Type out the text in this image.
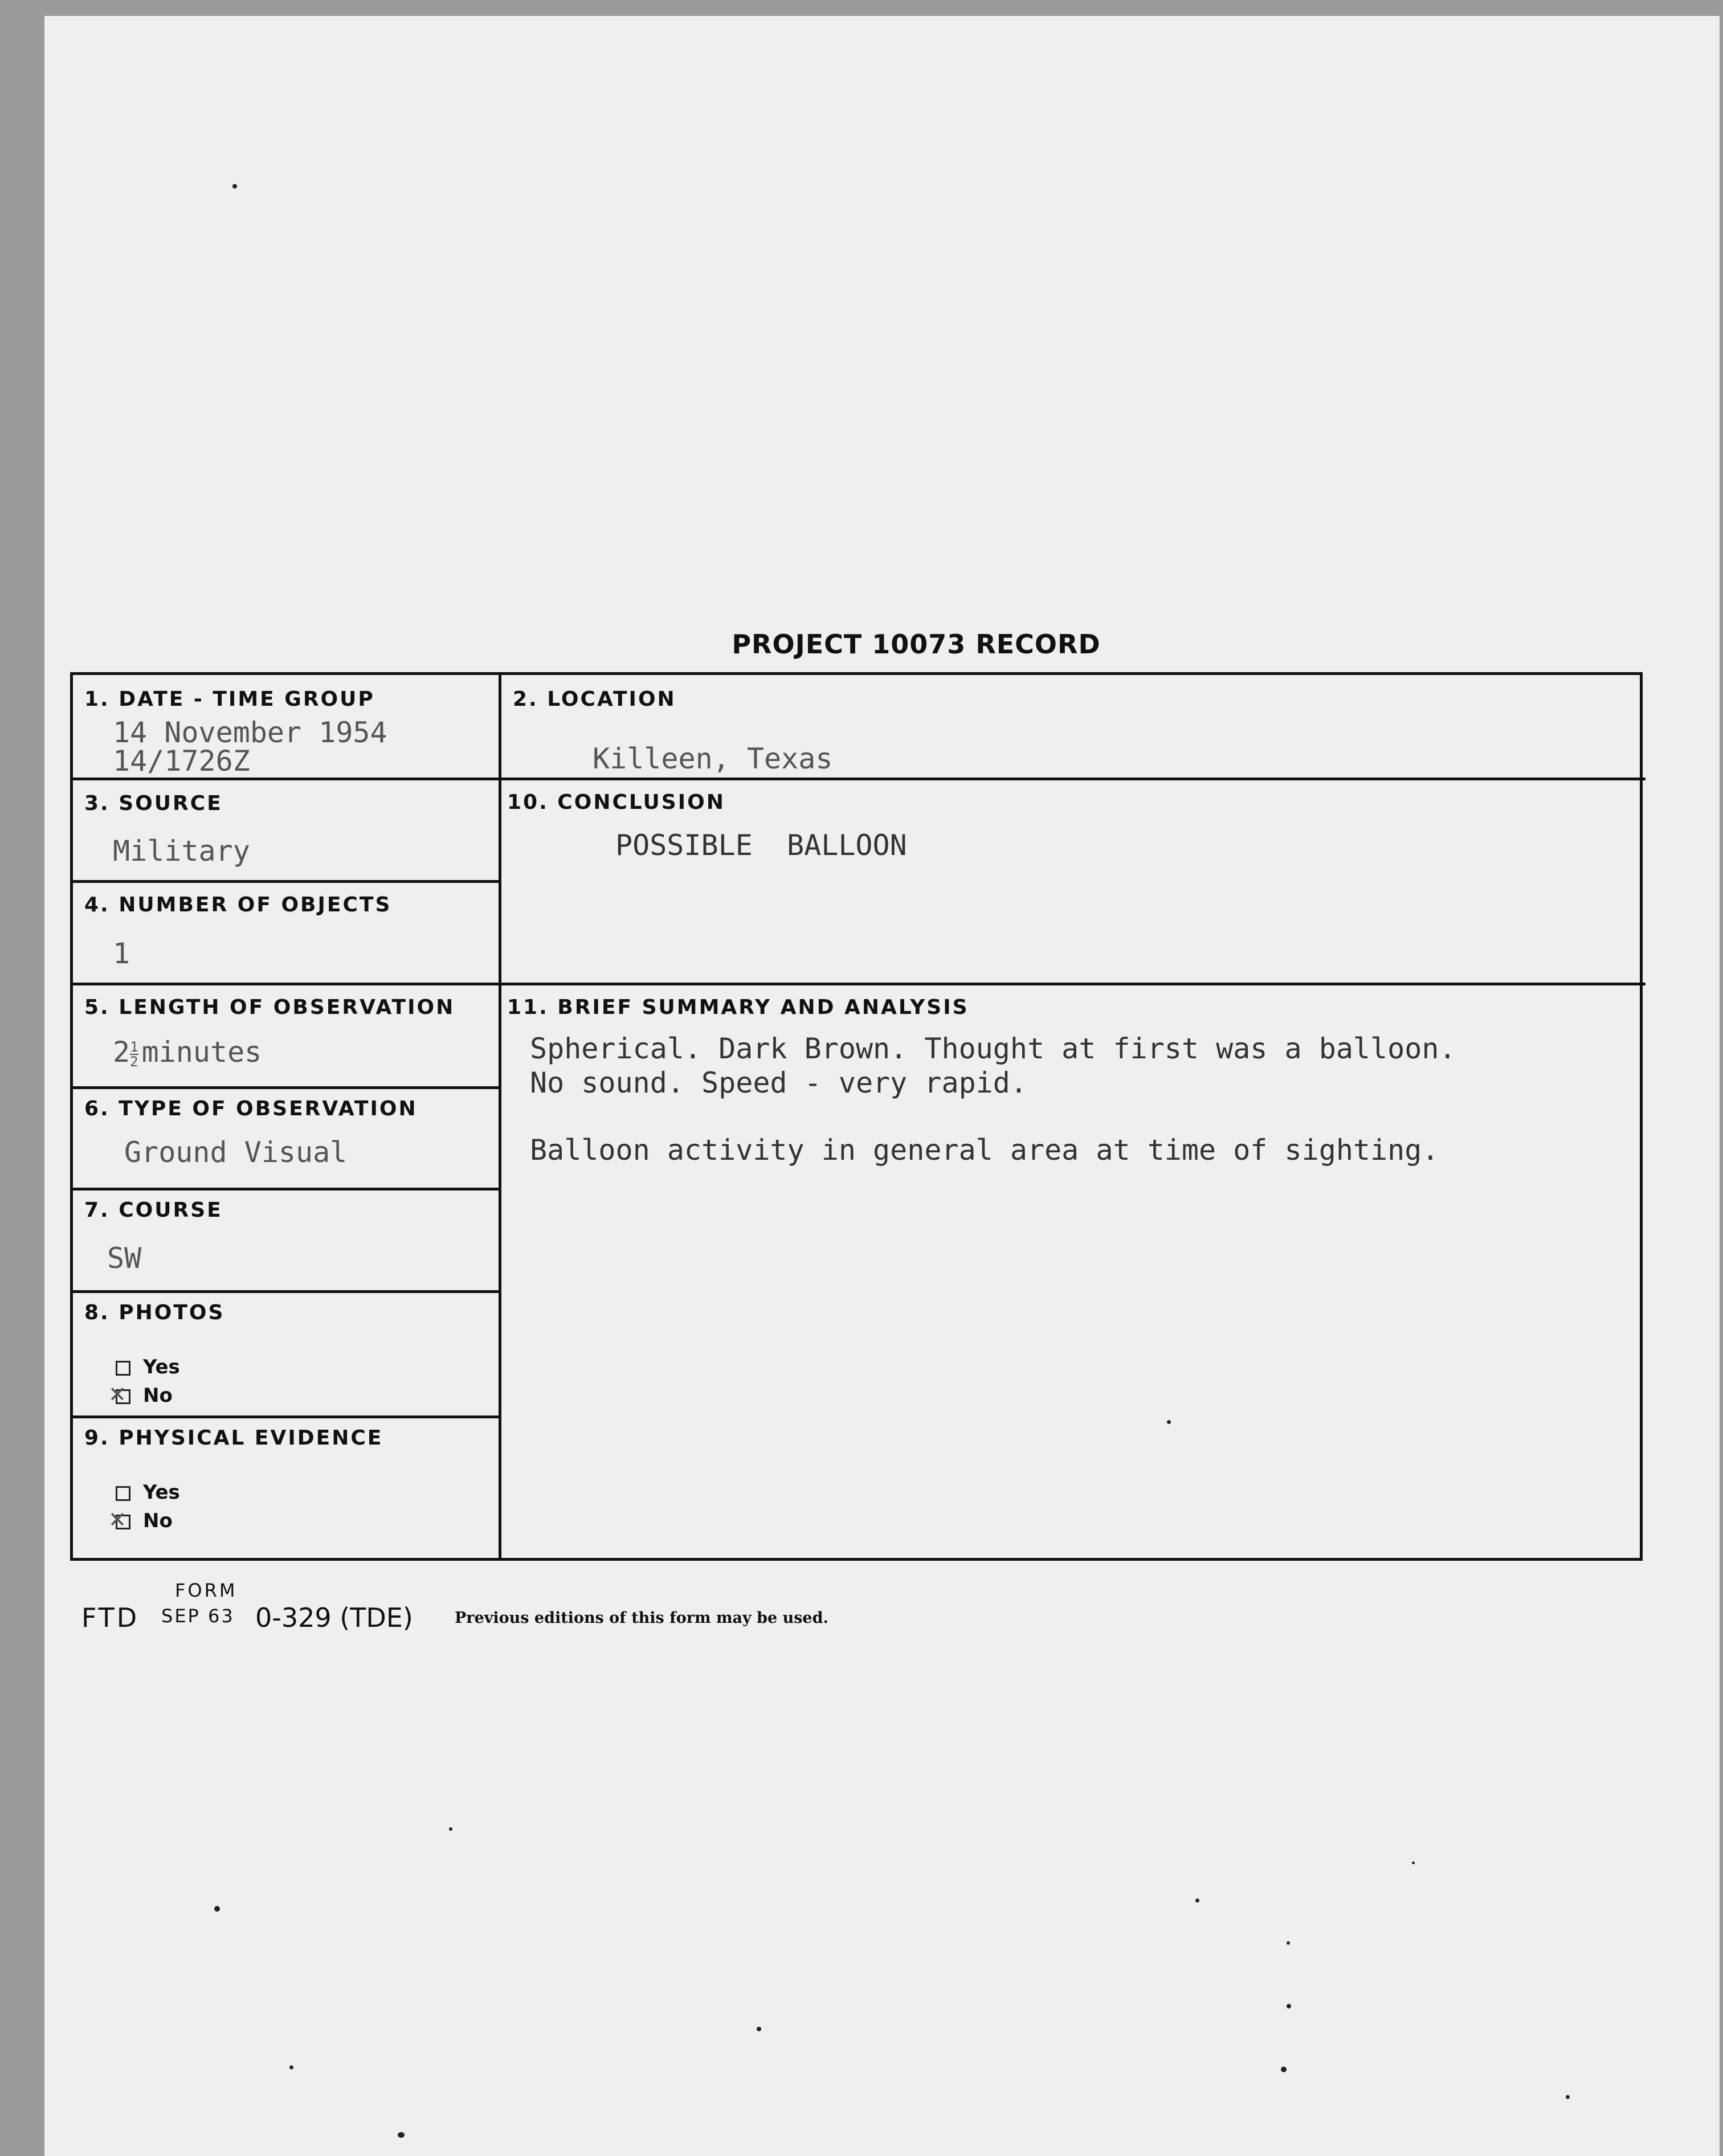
PROJECT 10073 RECORD
1. DATE - TIME GROUP
14 November 1954
14/1726Z
2. LOCATION
Killeen, Texas
3. SOURCE
Military
10. CONCLUSION
POSSIBLE  BALLOON
4. NUMBER OF OBJECTS
1
5. LENGTH OF OBSERVATION
$2 \frac{1}{2}$ minutes
11. BRIEF SUMMARY AND ANALYSIS
Spherical. Dark Brown. Thought at first was a balloon.
No sound. Speed - very rapid.
Balloon activity in general area at time of sighting.
6. TYPE OF OBSERVATION
Ground Visual
7. COURSE
SW
8. PHOTOS
Yes
✕No
9. PHYSICAL EVIDENCE
Yes
✕No
FORM
FTD SEP 63 0-329 (TDE)	Previous editions of this form may be used.
